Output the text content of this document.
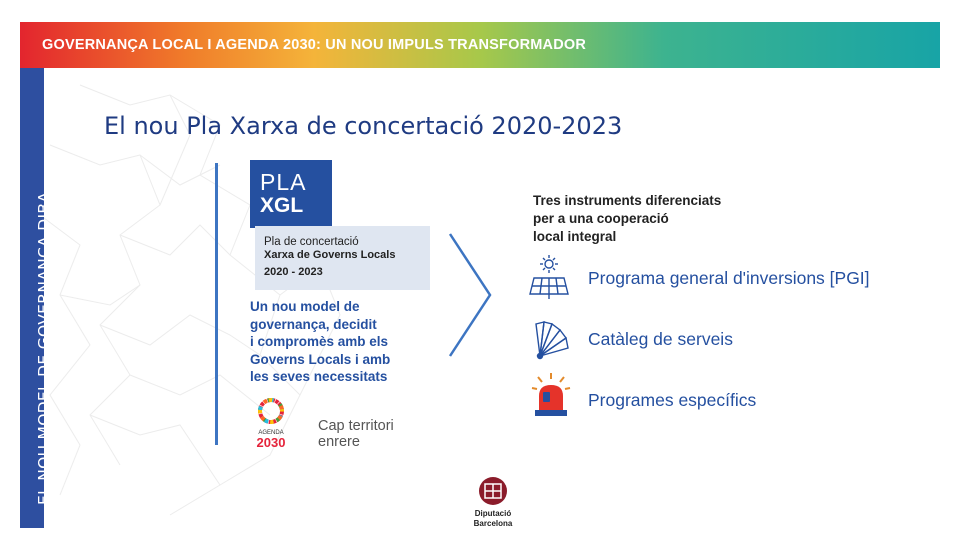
EL NOU MODEL DE GOVERNANÇA DIBA
GOVERNANÇA LOCAL I AGENDA 2030: UN NOU IMPULS TRANSFORMADOR
El nou Pla Xarxa de concertació 2020-2023
PLA
XGL
Pla de concertació
Xarxa de Governs Locals
2020 - 2023
Un nou model de
governança, decidit
i compromès amb els
Governs Locals i amb
les seves necessitats
AGENDA
2030
Cap territori
enrere
Tres instruments diferenciats
per a una cooperació
local integral
Programa general d'inversions [PGI]
Catàleg de serveis
Programes específics
Diputació
Barcelona
